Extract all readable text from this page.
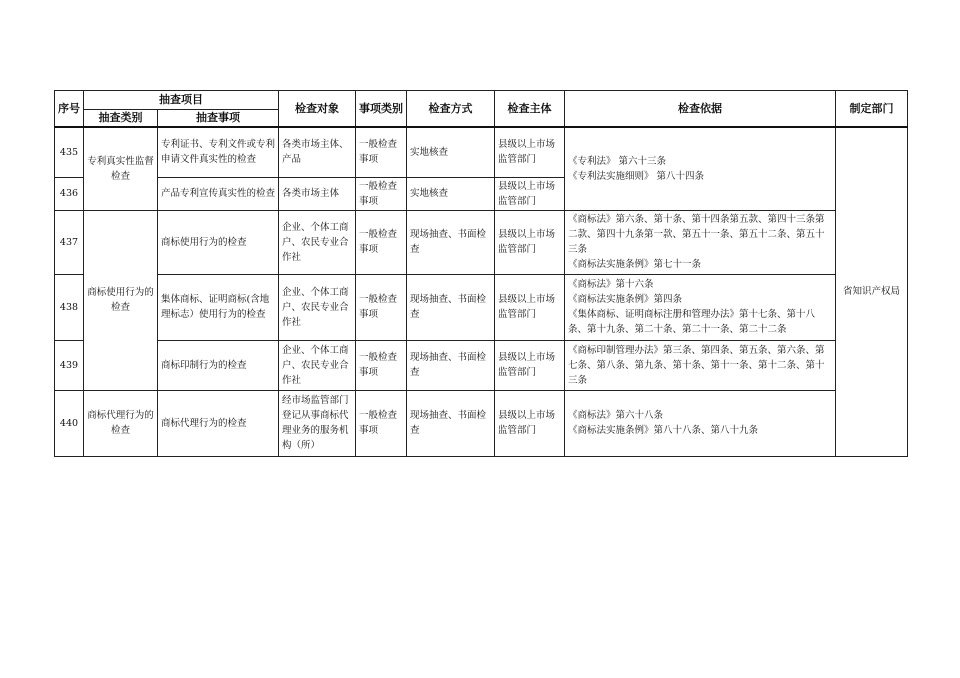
序号	抽查项目		检查对象	事项类别	检查方式	检查主体	检查依据	制定部门
	抽查类别	抽查事项						
435	专利真实性监督检查	专利证书、专利文件或专利申请文件真实性的检查	各类市场主体、产品	一般检查事项	实地核查	县级以上市场监管部门	《专利法》 第六十三条

《专利法实施细则》 第八十四条	省知识产权局
436		产品专利宣传真实性的检查	各类市场主体	一般检查事项	实地核查	县级以上市场监管部门		
437	商标使用行为的检查	商标使用行为的检查	企业、个体工商户、农民专业合作社	一般检查事项	现场抽查、书面检查	县级以上市场监管部门	《商标法》第六条、第十条、第十四条第五款、第四十三条第二款、第四十九条第一款、第五十一条、第五十二条、第五十三条

《商标法实施条例》第七十一条	

438		集体商标、证明商标(含地理标志）使用行为的检查	企业、个体工商户、农民专业合作社	一般检查事项	现场抽查、书面检查	县级以上市场监管部门	《商标法》第十六条

《商标法实施条例》第四条

《集体商标、证明商标注册和管理办法》第十七条、第十八条、第十九条、第二十条、第二十一条、第二十二条	

439		商标印制行为的检查	企业、个体工商户、农民专业合作社	一般检查事项	现场抽查、书面检查	县级以上市场监管部门	《商标印制管理办法》第三条、第四条、第五条、第六条、第七条、第八条、第九条、第十条、第十一条、第十二条、第十三条	

440	商标代理行为的检查	商标代理行为的检查	经市场监管部门登记从事商标代理业务的服务机构（所）	一般检查事项	现场抽查、书面检查	县级以上市场监管部门	《商标法》第六十八条

《商标法实施条例》第八十八条、第八十九条	
